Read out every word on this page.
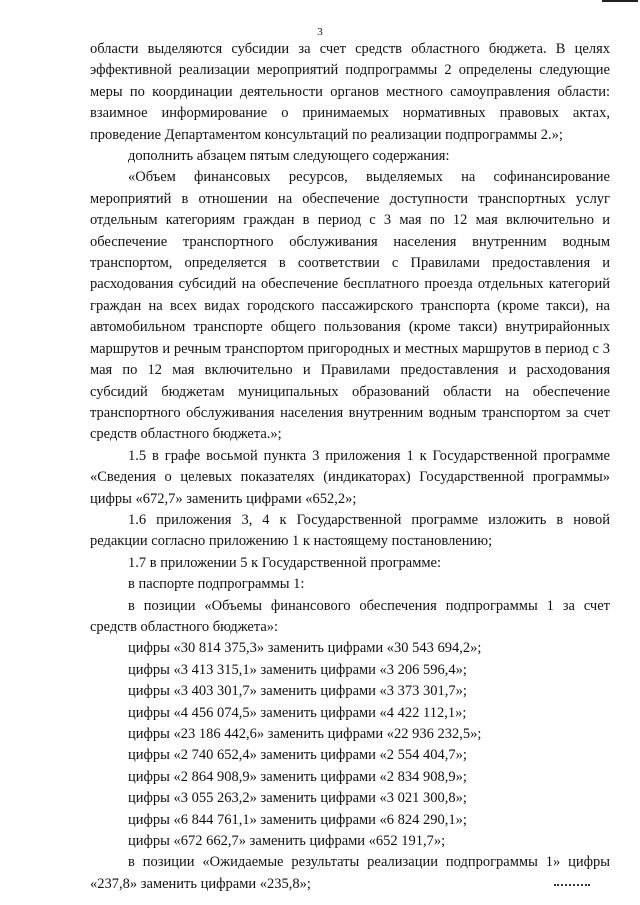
3

области выделяются субсидии за счет средств областного бюджета. В целях эффективной реализации мероприятий подпрограммы 2 определены следующие меры по координации деятельности органов местного самоуправления области: взаимное информирование о принимаемых нормативных правовых актах, проведение Департаментом консультаций по реализации подпрограммы 2.»;

дополнить абзацем пятым следующего содержания:

«Объем финансовых ресурсов, выделяемых на софинансирование мероприятий в отношении на обеспечение доступности транспортных услуг отдельным категориям граждан в период с 3 мая по 12 мая включительно и обеспечение транспортного обслуживания населения внутренним водным транспортом, определяется в соответствии с Правилами предоставления и расходования субсидий на обеспечение бесплатного проезда отдельных категорий граждан на всех видах городского пассажирского транспорта (кроме такси), на автомобильном транспорте общего пользования (кроме такси) внутрирайонных маршрутов и речным транспортом пригородных и местных маршрутов в период с 3 мая по 12 мая включительно и Правилами предоставления и расходования субсидий бюджетам муниципальных образований области на обеспечение транспортного обслуживания населения внутренним водным транспортом за счет средств областного бюджета.»;

1.5 в графе восьмой пункта 3 приложения 1 к Государственной программе «Сведения о целевых показателях (индикаторах) Государственной программы» цифры «672,7» заменить цифрами «652,2»;

1.6 приложения 3, 4 к Государственной программе изложить в новой редакции согласно приложению 1 к настоящему постановлению;

1.7 в приложении 5 к Государственной программе:

в паспорте подпрограммы 1:

в позиции «Объемы финансового обеспечения подпрограммы 1 за счет средств областного бюджета»:

цифры «30 814 375,3» заменить цифрами «30 543 694,2»;

цифры «3 413 315,1» заменить цифрами «3 206 596,4»;

цифры «3 403 301,7» заменить цифрами «3 373 301,7»;

цифры «4 456 074,5» заменить цифрами «4 422 112,1»;

цифры «23 186 442,6» заменить цифрами «22 936 232,5»;

цифры «2 740 652,4» заменить цифрами «2 554 404,7»;

цифры «2 864 908,9» заменить цифрами «2 834 908,9»;

цифры «3 055 263,2» заменить цифрами «3 021 300,8»;

цифры «6 844 761,1» заменить цифрами «6 824 290,1»;

цифры «672 662,7» заменить цифрами «652 191,7»;

в позиции «Ожидаемые результаты реализации подпрограммы 1» цифры «237,8» заменить цифрами «235,8»;
